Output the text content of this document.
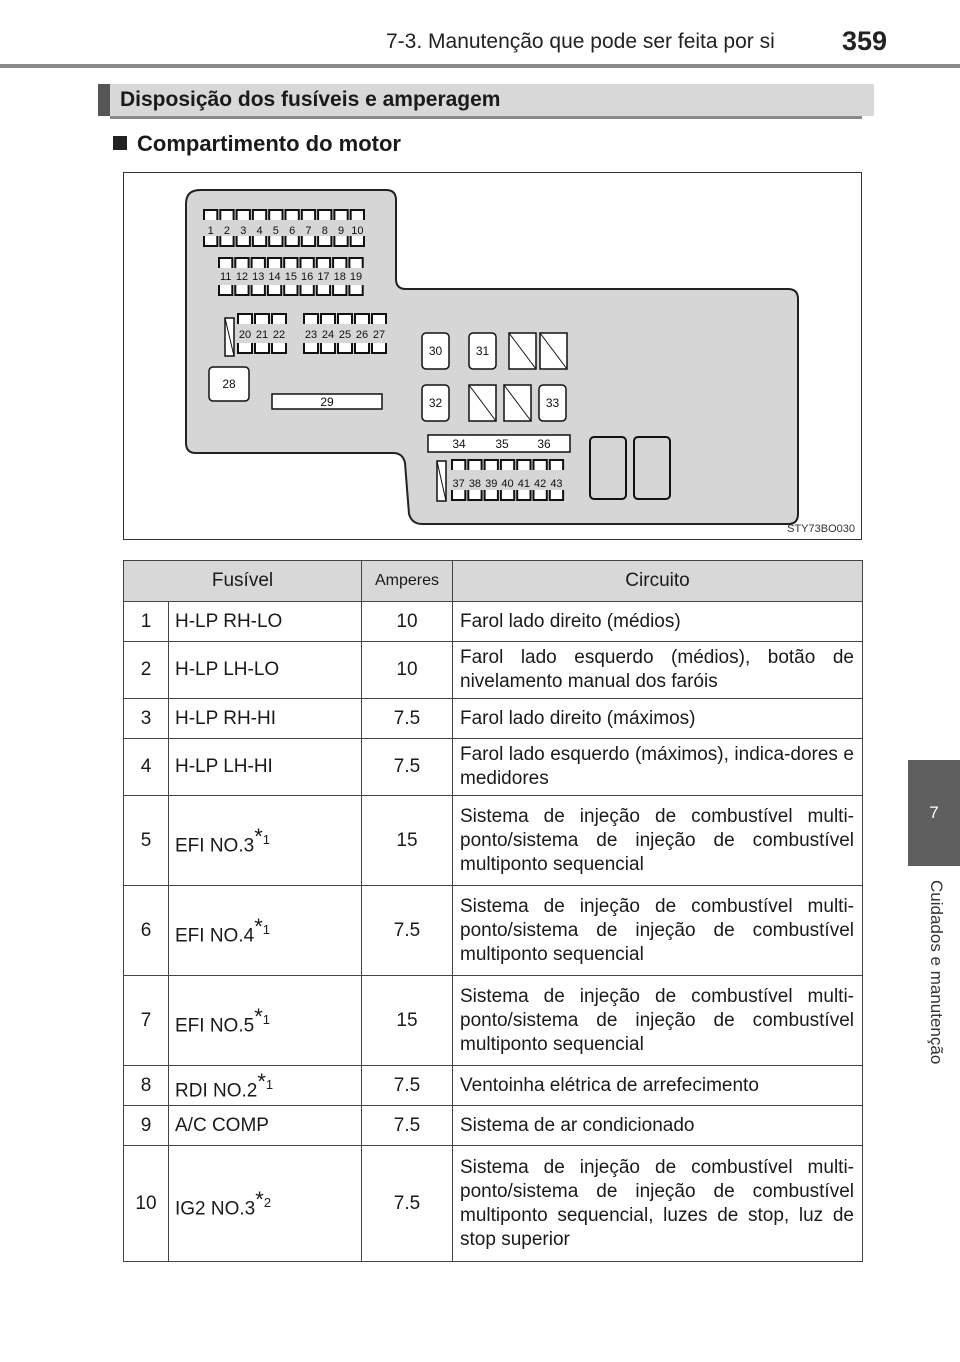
7-3. Manutenção que pode ser feita por si 359
7
Cuidados e manutenção
Disposição dos fusíveis e amperagem
Compartimento do motor
1 2 3 4 5 6 7 8 9 10
11 12 13 14 15 16 17 18 19
20 21 22 23 24 25 26 27
28
29
30	31
32	33
34 35 36
37 38 39 40 41 42 43
STY73BO030
Fusível		Amperes	Circuito
1	H-LP RH-LO	10	Farol lado direito (médios)
2	H-LP LH-LO	10	Farol lado esquerdo (médios), botão de nivelamento manual dos faróis
3	H-LP RH-HI	7.5	Farol lado direito (máximos)
4	H-LP LH-HI	7.5	Farol lado esquerdo (máximos), indica-dores e medidores
5	EFI NO.3$^{*1}$	15	Sistema de injeção de combustível multi-ponto/sistema de injeção de combustível multiponto sequencial
6	EFI NO.4$^{*1}$	7.5	Sistema de injeção de combustível multi-ponto/sistema de injeção de combustível multiponto sequencial
7	EFI NO.5$^{*1}$	15	Sistema de injeção de combustível multi-ponto/sistema de injeção de combustível multiponto sequencial
8	RDI NO.2$^{*1}$	7.5	Ventoinha elétrica de arrefecimento
9	A/C COMP	7.5	Sistema de ar condicionado
10	IG2 NO.3$^{*2}$	7.5	Sistema de injeção de combustível multi-ponto/sistema de injeção de combustível multiponto sequencial, luzes de stop, luz de stop superior
